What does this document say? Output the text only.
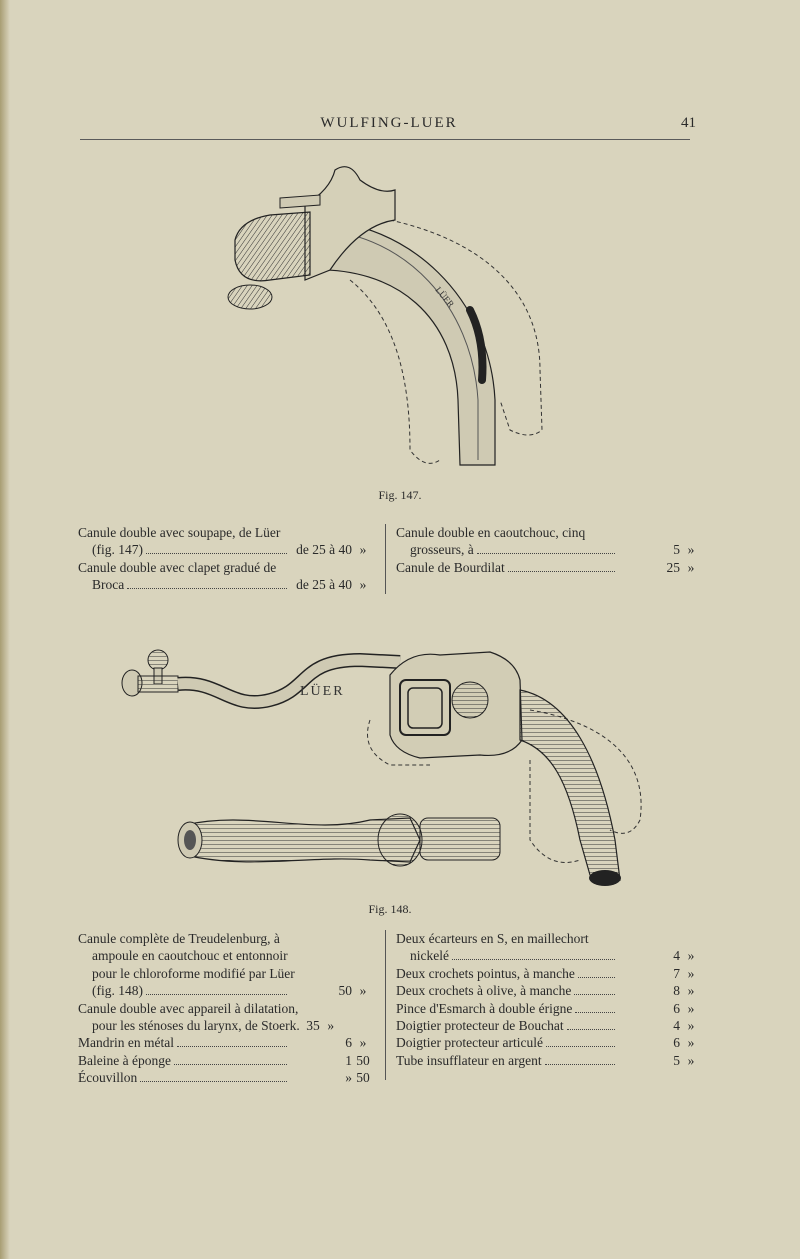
WULFING-LUER	41
LÜER
Fig. 147.
Canule double avec soupape, de Lüer
(fig. 147)	de 25 à 40 »
Canule double avec clapet gradué de
Broca	de 25 à 40 »
Canule double en caoutchouc, cinq
grosseurs, à	5 »
Canule de Bourdilat	25 »
LÜER
Fig. 148.
Canule complète de Treudelenburg, à
ampoule en caoutchouc et entonnoir
pour le chloroforme modifié par Lüer
(fig. 148)	50 »
Canule double avec appareil à dilatation,
pour les sténoses du larynx, de Stoerk. 35 »
Mandrin en métal	6 »
Baleine à éponge	1 50
Écouvillon	» 50
Deux écarteurs en S, en maillechort
nickelé	4 »
Deux crochets pointus, à manche	7 »
Deux crochets à olive, à manche	8 »
Pince d'Esmarch à double érigne	6 »
Doigtier protecteur de Bouchat	4 »
Doigtier protecteur articulé	6 »
Tube insufflateur en argent	5 »
